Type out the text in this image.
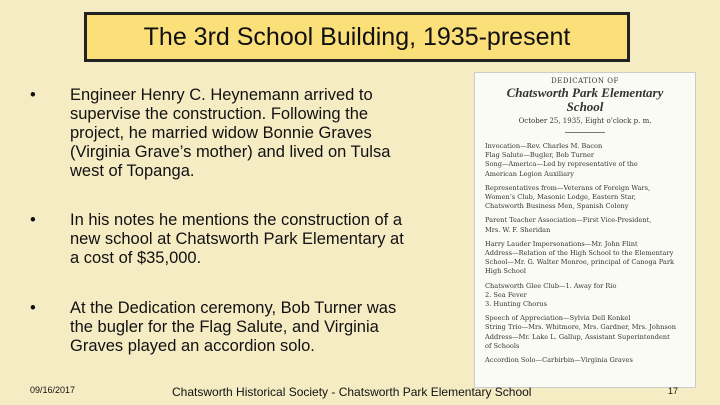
The 3rd School Building, 1935-present
•	Engineer Henry C. Heynemann arrived to
supervise the construction. Following the
project, he married widow Bonnie Graves
(Virginia Grave’s mother) and lived on Tulsa
west of Topanga.
•	In his notes he mentions the construction of a
new school at Chatsworth Park Elementary at
a cost of $35,000.
•	At the Dedication ceremony, Bob Turner was
the bugler for the Flag Salute, and Virginia
Graves played an accordion solo.
DEDICATION OF
Chatsworth Park Elementary
School
October 25, 1935, Eight o’clock p. m.
Invocation—Rev. Charles M. Bacon
Flag Salute—Bugler, Bob Turner
Song—America—Led by representative of the
American Legion Auxiliary
Representatives from—Veterans of Foreign Wars,
Women’s Club, Masonic Lodge, Eastern Star,
Chatsworth Business Men, Spanish Colony
Parent Teacher Association—First Vice-President,
Mrs. W. F. Sheridan
Harry Lauder Impersonations—Mr. John Flint
Address—Relation of the High School to the Elementary
School—Mr. G. Walter Monroe, principal of Canoga Park
High School
Chatsworth Glee Club—1. Away for Rio
2. Sea Fever
3. Hunting Chorus
Speech of Appreciation—Sylvia Dell Konkel
String Trio—Mrs. Whitmore, Mrs. Gardner, Mrs. Johnson
Address—Mr. Lake L. Gallup, Assistant Superintendent
of Schools
Accordion Solo—Carbirbin—Virginia Graves
09/16/2017	Chatsworth Historical Society - Chatsworth Park Elementary School	17
